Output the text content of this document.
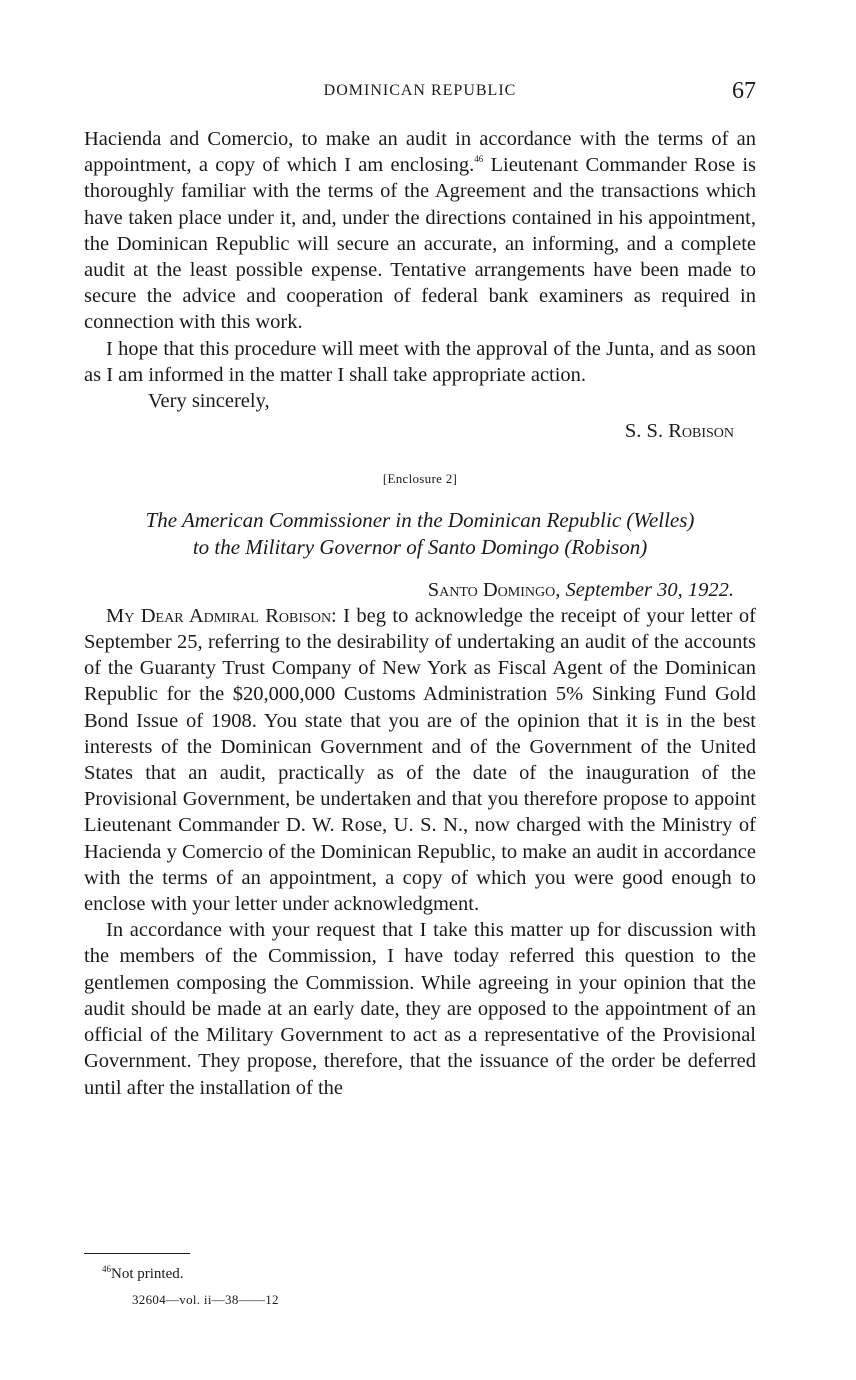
DOMINICAN REPUBLIC	67

Hacienda and Comercio, to make an audit in accordance with the terms of an appointment, a copy of which I am enclosing.$^{46}$ Lieutenant Commander Rose is thoroughly familiar with the terms of the Agreement and the transactions which have taken place under it, and, under the directions contained in his appointment, the Dominican Republic will secure an accurate, an informing, and a complete audit at the least possible expense. Tentative arrangements have been made to secure the advice and cooperation of federal bank examiners as required in connection with this work.

I hope that this procedure will meet with the approval of the Junta, and as soon as I am informed in the matter I shall take appropriate action.

Very sincerely,

S. S. Robison

[Enclosure 2]
The American Commissioner in the Dominican Republic (Welles)
to the Military Governor of Santo Domingo (Robison)

Santo Domingo, September 30, 1922.

My Dear Admiral Robison: I beg to acknowledge the receipt of your letter of September 25, referring to the desirability of undertaking an audit of the accounts of the Guaranty Trust Company of New York as Fiscal Agent of the Dominican Republic for the $20,000,000 Customs Administration 5% Sinking Fund Gold Bond Issue of 1908. You state that you are of the opinion that it is in the best interests of the Dominican Government and of the Government of the United States that an audit, practically as of the date of the inauguration of the Provisional Government, be undertaken and that you therefore propose to appoint Lieutenant Commander D. W. Rose, U. S. N., now charged with the Ministry of Hacienda y Comercio of the Dominican Republic, to make an audit in accordance with the terms of an appointment, a copy of which you were good enough to enclose with your letter under acknowledgment.

In accordance with your request that I take this matter up for discussion with the members of the Commission, I have today referred this question to the gentlemen composing the Commission. While agreeing in your opinion that the audit should be made at an early date, they are opposed to the appointment of an official of the Military Government to act as a representative of the Provisional Government. They propose, therefore, that the issuance of the order be deferred until after the installation of the

$^{46}$Not printed.
32604—vol. ii—38——12
